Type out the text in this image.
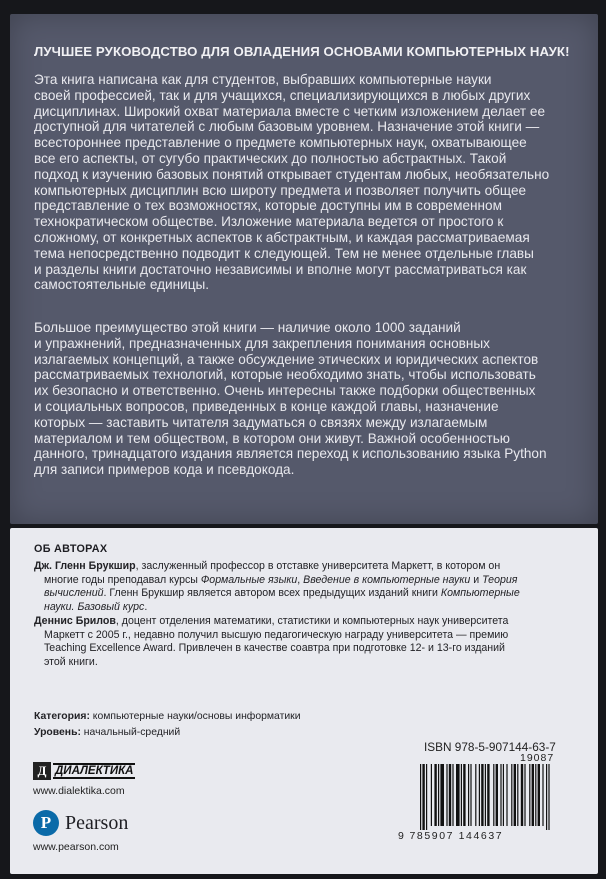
ЛУЧШЕЕ РУКОВОДСТВО ДЛЯ ОВЛАДЕНИЯ ОСНОВАМИ КОМПЬЮТЕРНЫХ НАУК!
Эта книга написана как для студентов, выбравших компьютерные науки
своей профессией, так и для учащихся, специализирующихся в любых других
дисциплинах. Широкий охват материала вместе с четким изложением делает ее
доступной для читателей с любым базовым уровнем. Назначение этой книги —
всестороннее представление о предмете компьютерных наук, охватывающее
все его аспекты, от сугубо практических до полностью абстрактных. Такой
подход к изучению базовых понятий открывает студентам любых, необязательно
компьютерных дисциплин всю широту предмета и позволяет получить общее
представление о тех возможностях, которые доступны им в современном
технократическом обществе. Изложение материала ведется от простого к
сложному, от конкретных аспектов к абстрактным, и каждая рассматриваемая
тема непосредственно подводит к следующей. Тем не менее отдельные главы
и разделы книги достаточно независимы и вполне могут рассматриваться как
самостоятельные единицы.
Большое преимущество этой книги — наличие около 1000 заданий
и упражнений, предназначенных для закрепления понимания основных
излагаемых концепций, а также обсуждение этических и юридических аспектов
рассматриваемых технологий, которые необходимо знать, чтобы использовать
их безопасно и ответственно. Очень интересны также подборки общественных
и социальных вопросов, приведенных в конце каждой главы, назначение
которых — заставить читателя задуматься о связях между излагаемым
материалом и тем обществом, в котором они живут. Важной особенностью
данного, тринадцатого издания является переход к использованию языка Python
для записи примеров кода и псевдокода.
ОБ АВТОРАХ
Дж. Гленн Брукшир, заслуженный профессор в отставке университета Маркетт, в котором он
многие годы преподавал курсы Формальные языки, Введение в компьютерные науки и Теория
вычислений. Гленн Брукшир является автором всех предыдущих изданий книги Компьютерные
науки. Базовый курс.
Деннис Брилов, доцент отделения математики, статистики и компьютерных наук университета
Маркетт с 2005 г., недавно получил высшую педагогическую награду университета — премию
Teaching Excellence Award. Привлечен в качестве соавтра при подготовке 12- и 13-го изданий
этой книги.
Категория: компьютерные науки/основы информатики
Уровень: начальный-средний
Д ДИАЛЕКТИКА
www.dialektika.com
P Pearson
www.pearson.com
ISBN 978-5-907144-63-7
19087
9 785907 144637
